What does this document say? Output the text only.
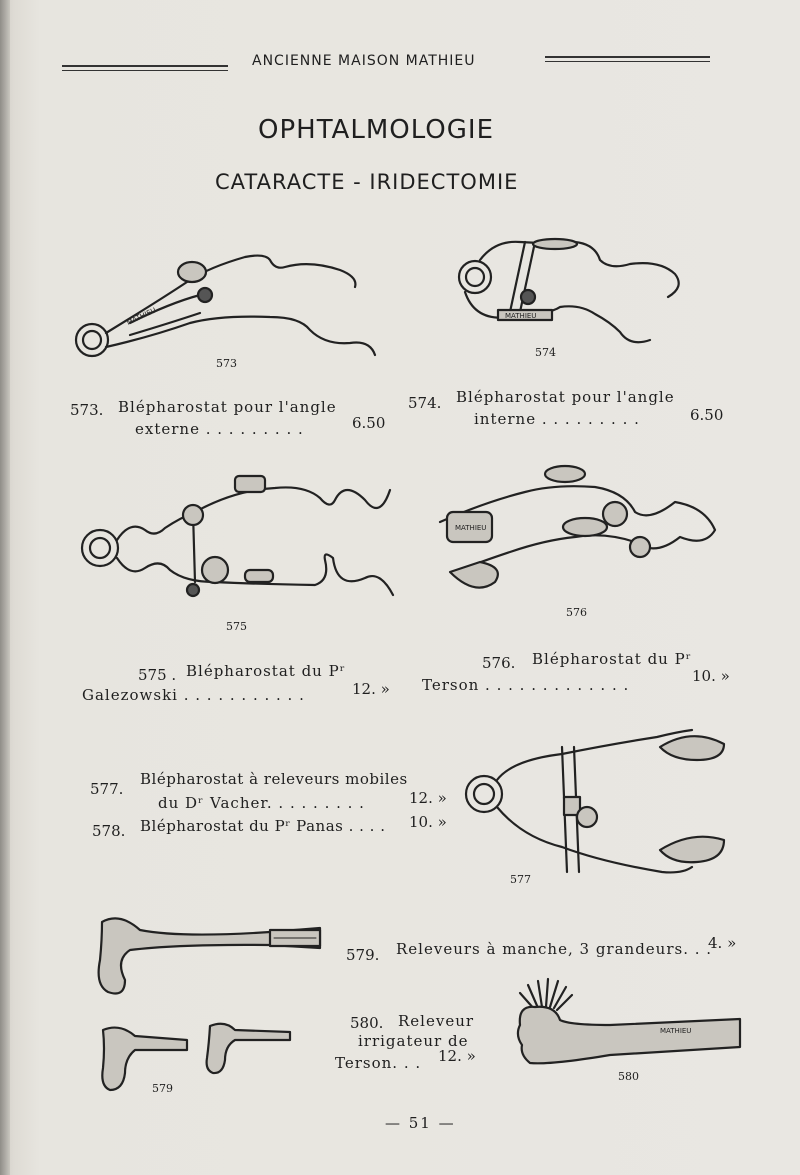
ANCIENNE MAISON MATHIEU
OPHTALMOLOGIE
CATARACTE - IRIDECTOMIE
MATHIEU
573
MATHIEU
574
573. Blépharostat pour l'angle
externe . . . . . . . . .	6.50
574. Blépharostat pour l'angle
interne . . . . . . . . .	6.50
575
MATHIEU
576
575 . Blépharostat du Pʳ
Galezowski . . . . . . . . . . .	12. »
576. Blépharostat du Pʳ
Terson . . . . . . . . . . . . .	10. »
577.
Blépharostat à releveurs mobiles
du Dʳ Vacher. . . . . . . . .	12. »
578. Blépharostat du Pʳ Panas . . . . 10. »
577
579. Releveurs à manche, 3 grandeurs. . .
4. »
579
580. Releveur
irrigateur de
Terson. . . 12. »
MATHIEU
580
— 51 —
